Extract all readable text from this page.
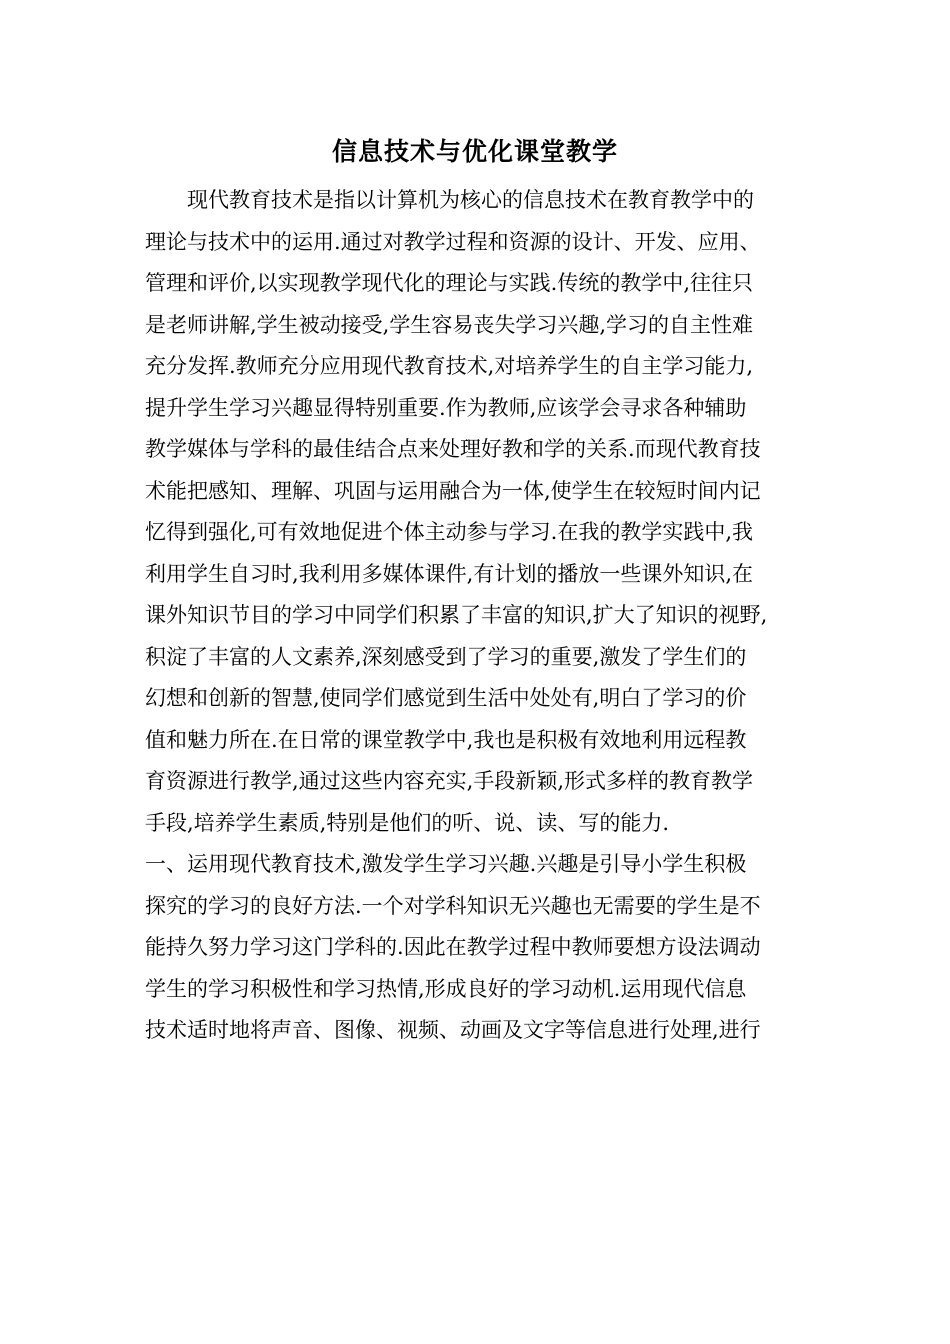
信息技术与优化课堂教学
现代教育技术是指以计算机为核心的信息技术在教育教学中的
理论与技术中的运用.通过对教学过程和资源的设计、开发、应用、
管理和评价,以实现教学现代化的理论与实践.传统的教学中,往往只
是老师讲解,学生被动接受,学生容易丧失学习兴趣,学习的自主性难
充分发挥.教师充分应用现代教育技术,对培养学生的自主学习能力,
提升学生学习兴趣显得特别重要.作为教师,应该学会寻求各种辅助
教学媒体与学科的最佳结合点来处理好教和学的关系.而现代教育技
术能把感知、理解、巩固与运用融合为一体,使学生在较短时间内记
忆得到强化,可有效地促进个体主动参与学习.在我的教学实践中,我
利用学生自习时,我利用多媒体课件,有计划的播放一些课外知识,在
课外知识节目的学习中同学们积累了丰富的知识,扩大了知识的视野,
积淀了丰富的人文素养,深刻感受到了学习的重要,激发了学生们的
幻想和创新的智慧,使同学们感觉到生活中处处有,明白了学习的价
值和魅力所在.在日常的课堂教学中,我也是积极有效地利用远程教
育资源进行教学,通过这些内容充实,手段新颖,形式多样的教育教学
手段,培养学生素质,特别是他们的听、说、读、写的能力.
一、运用现代教育技术,激发学生学习兴趣.兴趣是引导小学生积极
探究的学习的良好方法.一个对学科知识无兴趣也无需要的学生是不
能持久努力学习这门学科的.因此在教学过程中教师要想方设法调动
学生的学习积极性和学习热情,形成良好的学习动机.运用现代信息
技术适时地将声音、图像、视频、动画及文字等信息进行处理,进行
